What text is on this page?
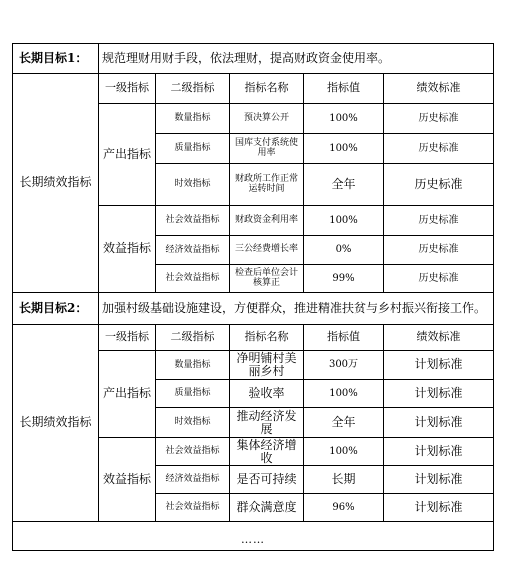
长期目标1：	规范理财用财手段，依法理财，提高财政资金使用率。				
长期绩效指标	一级指标	二级指标	指标名称	指标值	绩效标准
	产出指标	数量指标	预决算公开	100%	历史标准
		质量指标	国库支付系统使用率	100%	历史标准
		时效指标	财政所工作正常运转时间	全年	历史标准
	效益指标	社会效益指标	财政资金利用率	100%	历史标准
		经济效益指标	三公经费增长率	0%	历史标准
		社会效益指标	检查后单位会计核算正	99%	历史标准
长期目标2：	加强村级基础设施建设，方便群众，推进精准扶贫与乡村振兴衔接工作。				
长期绩效指标	一级指标	二级指标	指标名称	指标值	绩效标准
	产出指标	数量指标	净明铺村美丽乡村	300万	计划标准
		质量指标	验收率	100%	计划标准
		时效指标	推动经济发展	全年	计划标准
	效益指标	社会效益指标	集体经济增收	100%	计划标准
		经济效益指标	是否可持续	长期	计划标准
		社会效益指标	群众满意度	96%	计划标准
……					
